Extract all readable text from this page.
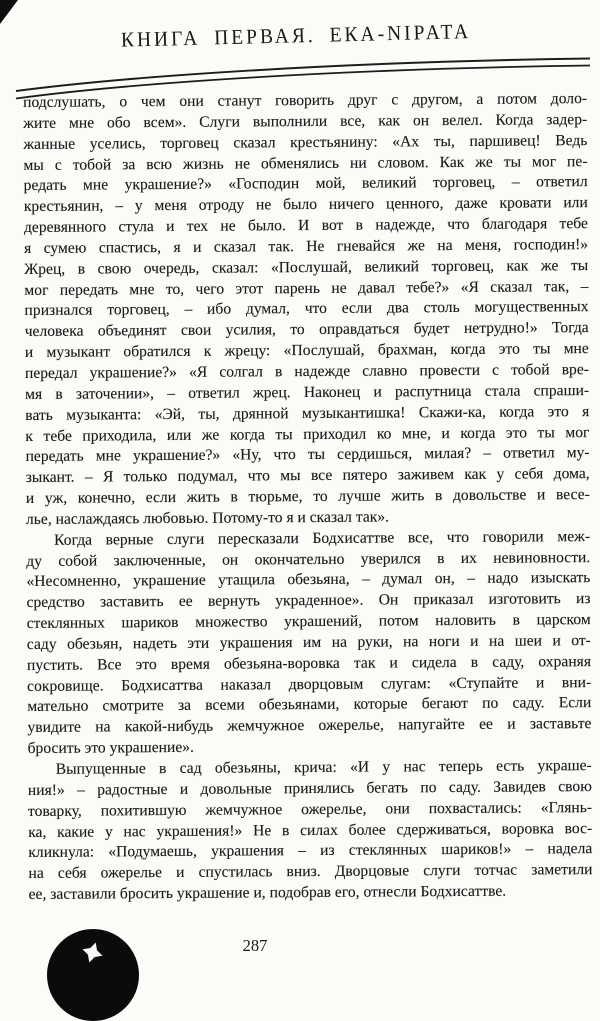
КНИГА ПЕРВАЯ. ЕКА-NIPATA
подслушать, о чем они станут говорить друг с другом, а потом доло-
жите мне обо всем». Слуги выполнили все, как он велел. Когда задер-
жанные уселись, торговец сказал крестьянину: «Ах ты, паршивец! Ведь
мы с тобой за всю жизнь не обменялись ни словом. Как же ты мог пе-
редать мне украшение?» «Господин мой, великий торговец, – ответил
крестьянин, – у меня отроду не было ничего ценного, даже кровати или
деревянного стула и тех не было. И вот в надежде, что благодаря тебе
я сумею спастись, я и сказал так. Не гневайся же на меня, господин!»
Жрец, в свою очередь, сказал: «Послушай, великий торговец, как же ты
мог передать мне то, чего этот парень не давал тебе?» «Я сказал так, –
признался торговец, – ибо думал, что если два столь могущественных
человека объединят свои усилия, то оправдаться будет нетрудно!» Тогда
и музыкант обратился к жрецу: «Послушай, брахман, когда это ты мне
передал украшение?» «Я солгал в надежде славно провести с тобой вре-
мя в заточении», – ответил жрец. Наконец и распутница стала спраши-
вать музыканта: «Эй, ты, дрянной музыкантишка! Скажи-ка, когда это я
к тебе приходила, или же когда ты приходил ко мне, и когда это ты мог
передать мне украшение?» «Ну, что ты сердишься, милая? – ответил му-
зыкант. – Я только подумал, что мы все пятеро заживем как у себя дома,
и уж, конечно, если жить в тюрьме, то лучше жить в довольстве и весе-
лье, наслаждаясь любовью. Потому-то я и сказал так».
Когда верные слуги пересказали Бодхисаттве все, что говорили меж-
ду собой заключенные, он окончательно уверился в их невиновности.
«Несомненно, украшение утащила обезьяна, – думал он, – надо изыскать
средство заставить ее вернуть украденное». Он приказал изготовить из
стеклянных шариков множество украшений, потом наловить в царском
саду обезьян, надеть эти украшения им на руки, на ноги и на шеи и от-
пустить. Все это время обезьяна-воровка так и сидела в саду, охраняя
сокровище. Бодхисаттва наказал дворцовым слугам: «Ступайте и вни-
мательно смотрите за всеми обезьянами, которые бегают по саду. Если
увидите на какой-нибудь жемчужное ожерелье, напугайте ее и заставьте
бросить это украшение».
Выпущенные в сад обезьяны, крича: «И у нас теперь есть украше-
ния!» – радостные и довольные принялись бегать по саду. Завидев свою
товарку, похитившую жемчужное ожерелье, они похвастались: «Глянь-
ка, какие у нас украшения!» Не в силах более сдерживаться, воровка вос-
кликнула: «Подумаешь, украшения – из стеклянных шариков!» – надела
на себя ожерелье и спустилась вниз. Дворцовые слуги тотчас заметили
ее, заставили бросить украшение и, подобрав его, отнесли Бодхисаттве.
287
